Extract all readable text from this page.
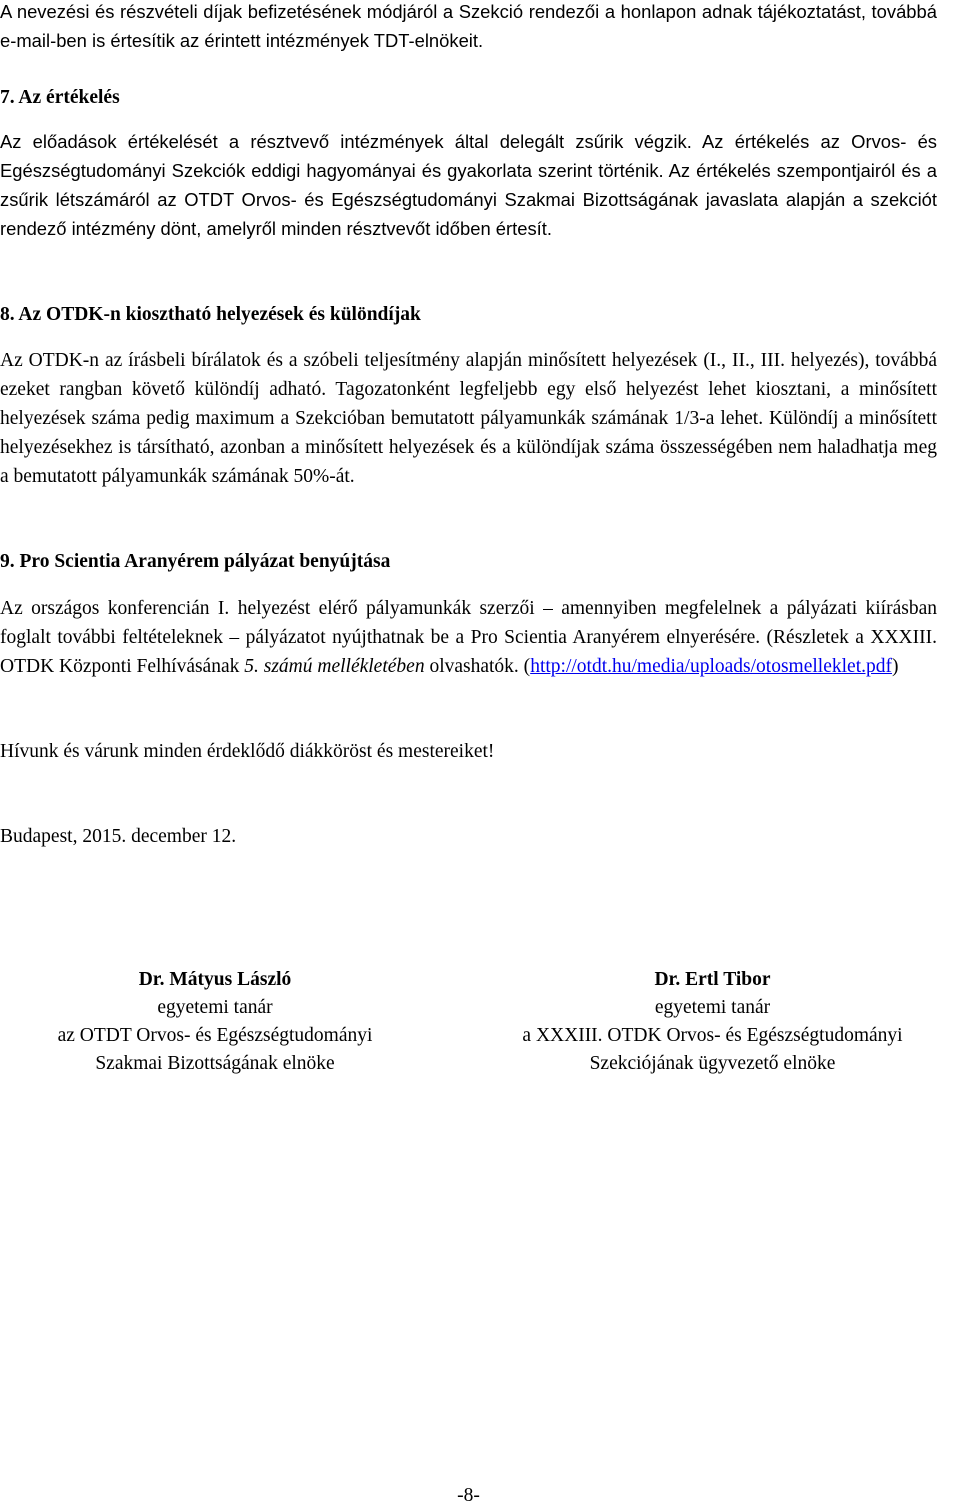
A nevezési és részvételi díjak befizetésének módjáról a Szekció rendezői a honlapon adnak tájékoztatást, továbbá e-mail-ben is értesítik az érintett intézmények TDT-elnökeit.

7. Az értékelés

Az előadások értékelését a résztvevő intézmények által delegált zsűrik végzik. Az értékelés az Orvos- és Egészségtudományi Szekciók eddigi hagyományai és gyakorlata szerint történik. Az értékelés szempontjairól és a zsűrik létszámáról az OTDT Orvos- és Egészségtudományi Szakmai Bizottságának javaslata alapján a szekciót rendező intézmény dönt, amelyről minden résztvevőt időben értesít.

8. Az OTDK-n kiosztható helyezések és különdíjak

Az OTDK-n az írásbeli bírálatok és a szóbeli teljesítmény alapján minősített helyezések (I., II., III. helyezés), továbbá ezeket rangban követő különdíj adható. Tagozatonként legfeljebb egy első helyezést lehet kiosztani, a minősített helyezések száma pedig maximum a Szekcióban bemutatott pályamunkák számának 1/3-a lehet. Különdíj a minősített helyezésekhez is társítható, azonban a minősített helyezések és a különdíjak száma összességében nem haladhatja meg a bemutatott pályamunkák számának 50%-át.

9. Pro Scientia Aranyérem pályázat benyújtása

Az országos konferencián I. helyezést elérő pályamunkák szerzői – amennyiben megfelelnek a pályázati kiírásban foglalt további feltételeknek – pályázatot nyújthatnak be a Pro Scientia Aranyérem elnyerésére. (Részletek a XXXIII. OTDK Központi Felhívásának 5. számú mellékletében olvashatók. (http://otdt.hu/media/uploads/otosmelleklet.pdf)

Hívunk és várunk minden érdeklődő diákköröst és mestereiket!

Budapest, 2015. december 12.

Dr. Mátyus László
egyetemi tanár
az OTDT Orvos- és Egészségtudományi
Szakmai Bizottságának elnöke
Dr. Ertl Tibor
egyetemi tanár
a XXXIII. OTDK Orvos- és Egészségtudományi
Szekciójának ügyvezető elnöke
-8-
